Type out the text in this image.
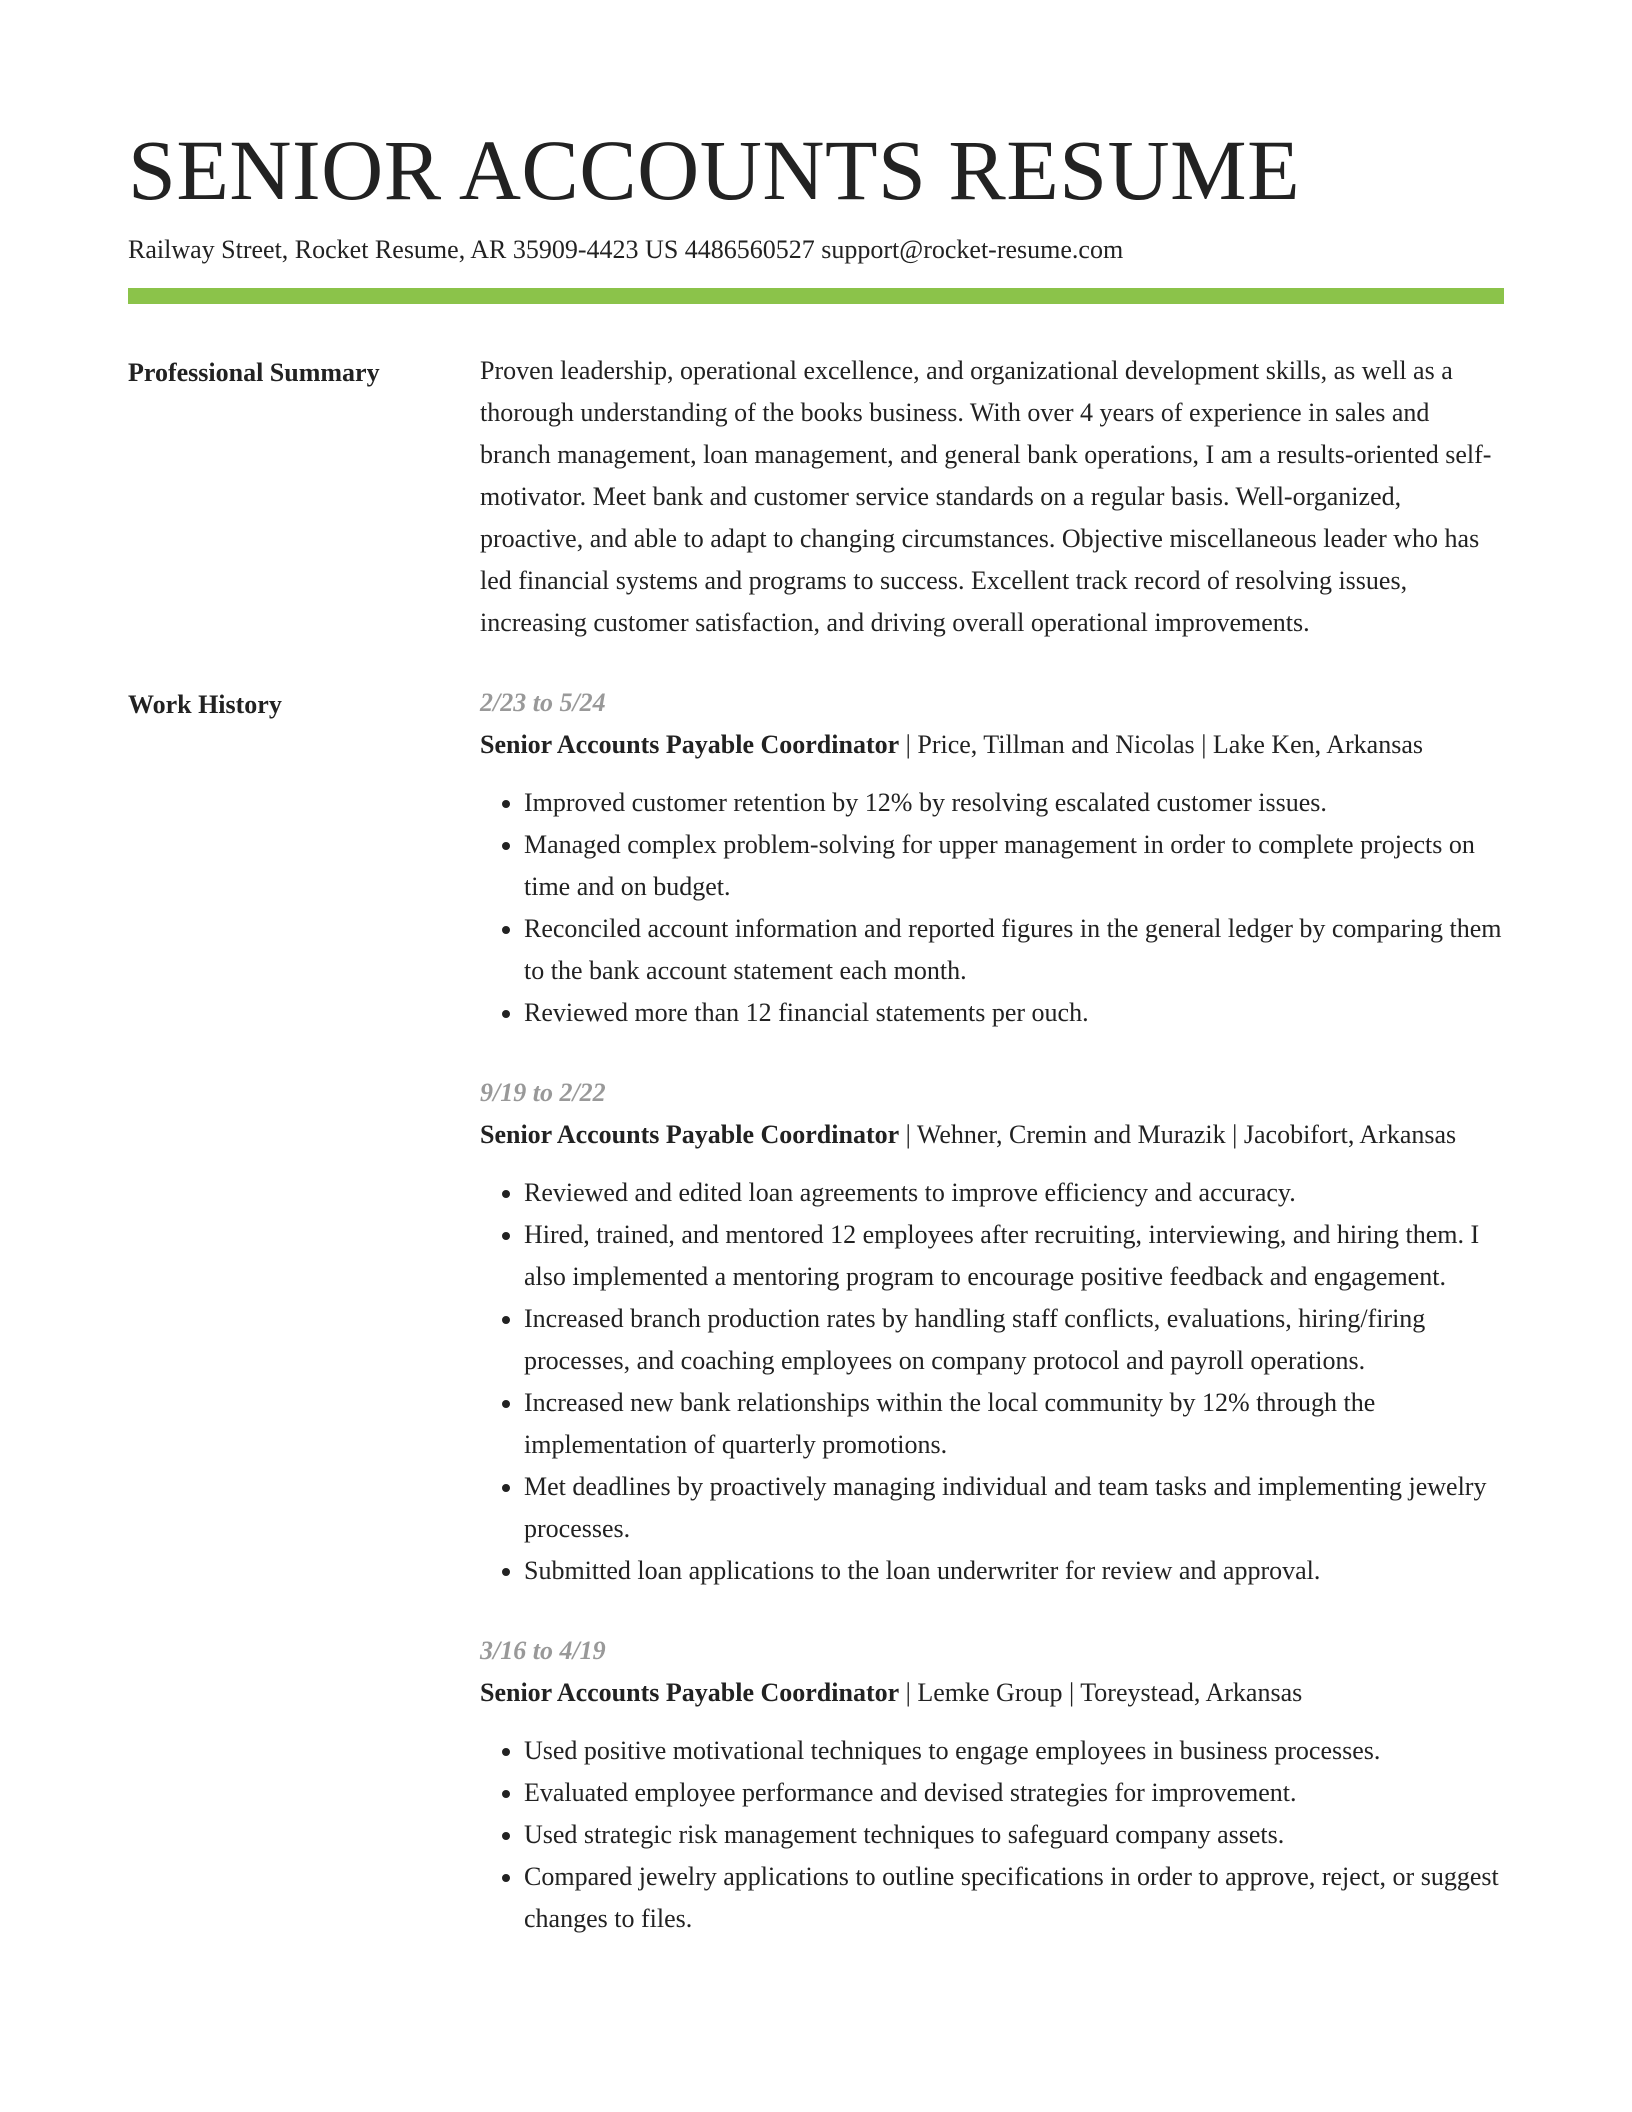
SENIOR ACCOUNTS RESUME
Railway Street, Rocket Resume, AR 35909-4423 US 4486560527 support@rocket-resume.com
Professional Summary	Proven leadership, operational excellence, and organizational development skills, as well as a thorough understanding of the books business. With over 4 years of experience in sales and branch management, loan management, and general bank operations, I am a results-oriented self-motivator. Meet bank and customer service standards on a regular basis. Well-organized, proactive, and able to adapt to changing circumstances. Objective miscellaneous leader who has led financial systems and programs to success. Excellent track record of resolving issues, increasing customer satisfaction, and driving overall operational improvements.

Work History	2/23 to 5/24
Senior Accounts Payable Coordinator | Price, Tillman and Nicolas | Lake Ken, Arkansas
• Improved customer retention by 12% by resolving escalated customer issues.
• Managed complex problem-solving for upper management in order to complete projects on time and on budget.
• Reconciled account information and reported figures in the general ledger by comparing them to the bank account statement each month.
• Reviewed more than 12 financial statements per ouch.
9/19 to 2/22
Senior Accounts Payable Coordinator | Wehner, Cremin and Murazik | Jacobifort, Arkansas
• Reviewed and edited loan agreements to improve efficiency and accuracy.
• Hired, trained, and mentored 12 employees after recruiting, interviewing, and hiring them. I also implemented a mentoring program to encourage positive feedback and engagement.
• Increased branch production rates by handling staff conflicts, evaluations, hiring/firing processes, and coaching employees on company protocol and payroll operations.
• Increased new bank relationships within the local community by 12% through the implementation of quarterly promotions.
• Met deadlines by proactively managing individual and team tasks and implementing jewelry processes.
• Submitted loan applications to the loan underwriter for review and approval.
3/16 to 4/19
Senior Accounts Payable Coordinator | Lemke Group | Toreystead, Arkansas
• Used positive motivational techniques to engage employees in business processes.
• Evaluated employee performance and devised strategies for improvement.
• Used strategic risk management techniques to safeguard company assets.
• Compared jewelry applications to outline specifications in order to approve, reject, or suggest changes to files.
